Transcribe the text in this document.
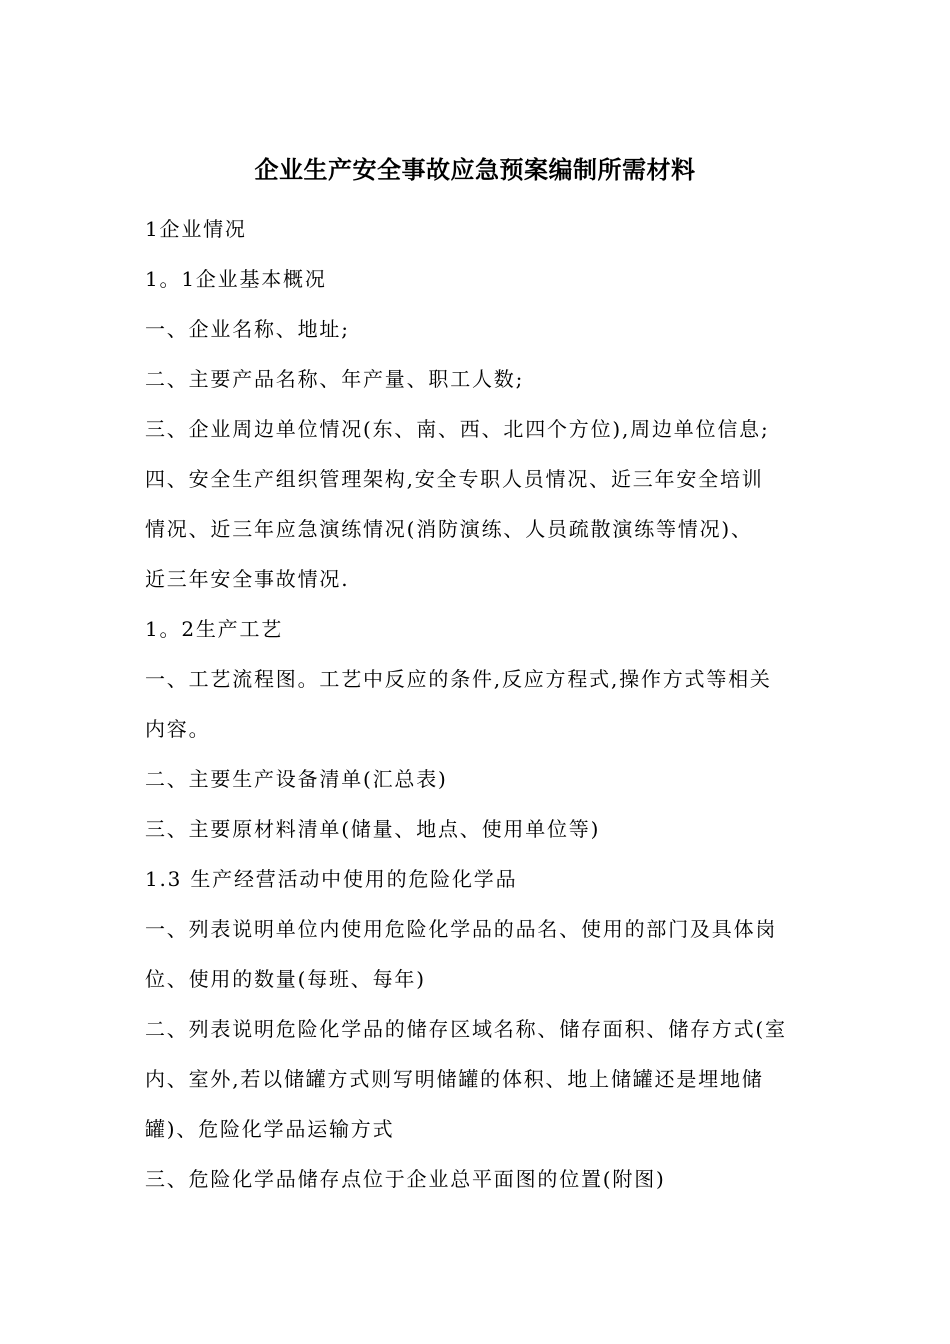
企业生产安全事故应急预案编制所需材料
1企业情况
1。1企业基本概况
一、企业名称、地址;
二、主要产品名称、年产量、职工人数;
三、企业周边单位情况(东、南、西、北四个方位),周边单位信息;
四、安全生产组织管理架构,安全专职人员情况、近三年安全培训
情况、近三年应急演练情况(消防演练、人员疏散演练等情况)、
近三年安全事故情况.
1。2生产工艺
一、工艺流程图。工艺中反应的条件,反应方程式,操作方式等相关
内容。
二、主要生产设备清单(汇总表)
三、主要原材料清单(储量、地点、使用单位等)
1.3 生产经营活动中使用的危险化学品
一、列表说明单位内使用危险化学品的品名、使用的部门及具体岗
位、使用的数量(每班、每年)
二、列表说明危险化学品的储存区域名称、储存面积、储存方式(室
内、室外,若以储罐方式则写明储罐的体积、地上储罐还是埋地储
罐)、危险化学品运输方式
三、危险化学品储存点位于企业总平面图的位置(附图)
